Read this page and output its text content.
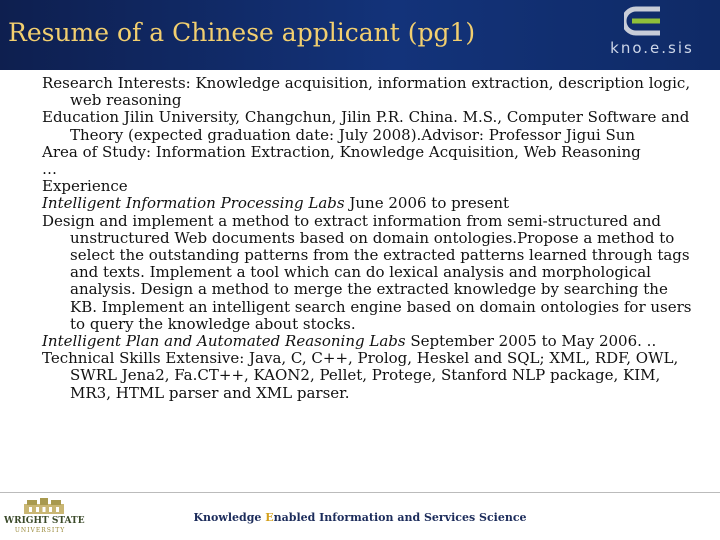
Resume of a Chinese applicant (pg1)
kno.e.sis
Research Interests: Knowledge acquisition, information extraction, description logic, web reasoning
Education Jilin University, Changchun, Jilin P.R. China. M.S., Computer Software and Theory (expected graduation date: July 2008).Advisor: Professor Jigui Sun
Area of Study: Information Extraction, Knowledge Acquisition, Web Reasoning
…
Experience
Intelligent Information Processing Labs June 2006 to present
Design and implement a method to extract information from semi-structured and unstructured Web documents based on domain ontologies.Propose a method to select the outstanding patterns from the extracted patterns learned through tags and texts. Implement a tool which can do lexical analysis and morphological analysis. Design a method to merge the extracted knowledge by searching the KB. Implement an intelligent search engine based on domain ontologies for users to query the knowledge about stocks.
Intelligent Plan and Automated Reasoning Labs September 2005 to May 2006. ..
Technical Skills Extensive: Java, C, C++, Prolog, Heskel and SQL; XML, RDF, OWL, SWRL Jena2, Fa.CT++, KAON2, Pellet, Protege, Stanford NLP package, KIM, MR3, HTML parser and XML parser.
WRIGHT STATE
UNIVERSITY
Knowledge Enabled Information and Services Science
